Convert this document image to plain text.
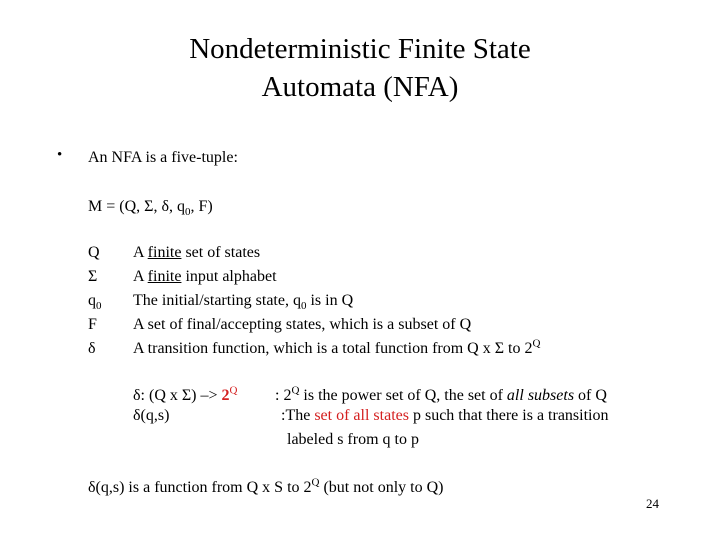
Nondeterministic Finite State
Automata (NFA)
• An NFA is a five-tuple:
M = (Q, Σ, δ, $q_0$, F)
Q
Σ
$q_0$
F
δ
A finite set of states
A finite input alphabet
The initial/starting state, $q_0$ is in Q
A set of final/accepting states, which is a subset of Q
A transition function, which is a total function from Q x Σ to $2^Q$
δ: (Q x $\Sigma) -> 2^Q$
δ(q,s)
: $2^Q$ is the power set of Q, the set of all subsets of Q
:The set of all states p such that there is a transition
labeled s from q to p
δ(q,s) is a function from Q x S to $2^Q$ (but not only to Q)
24
